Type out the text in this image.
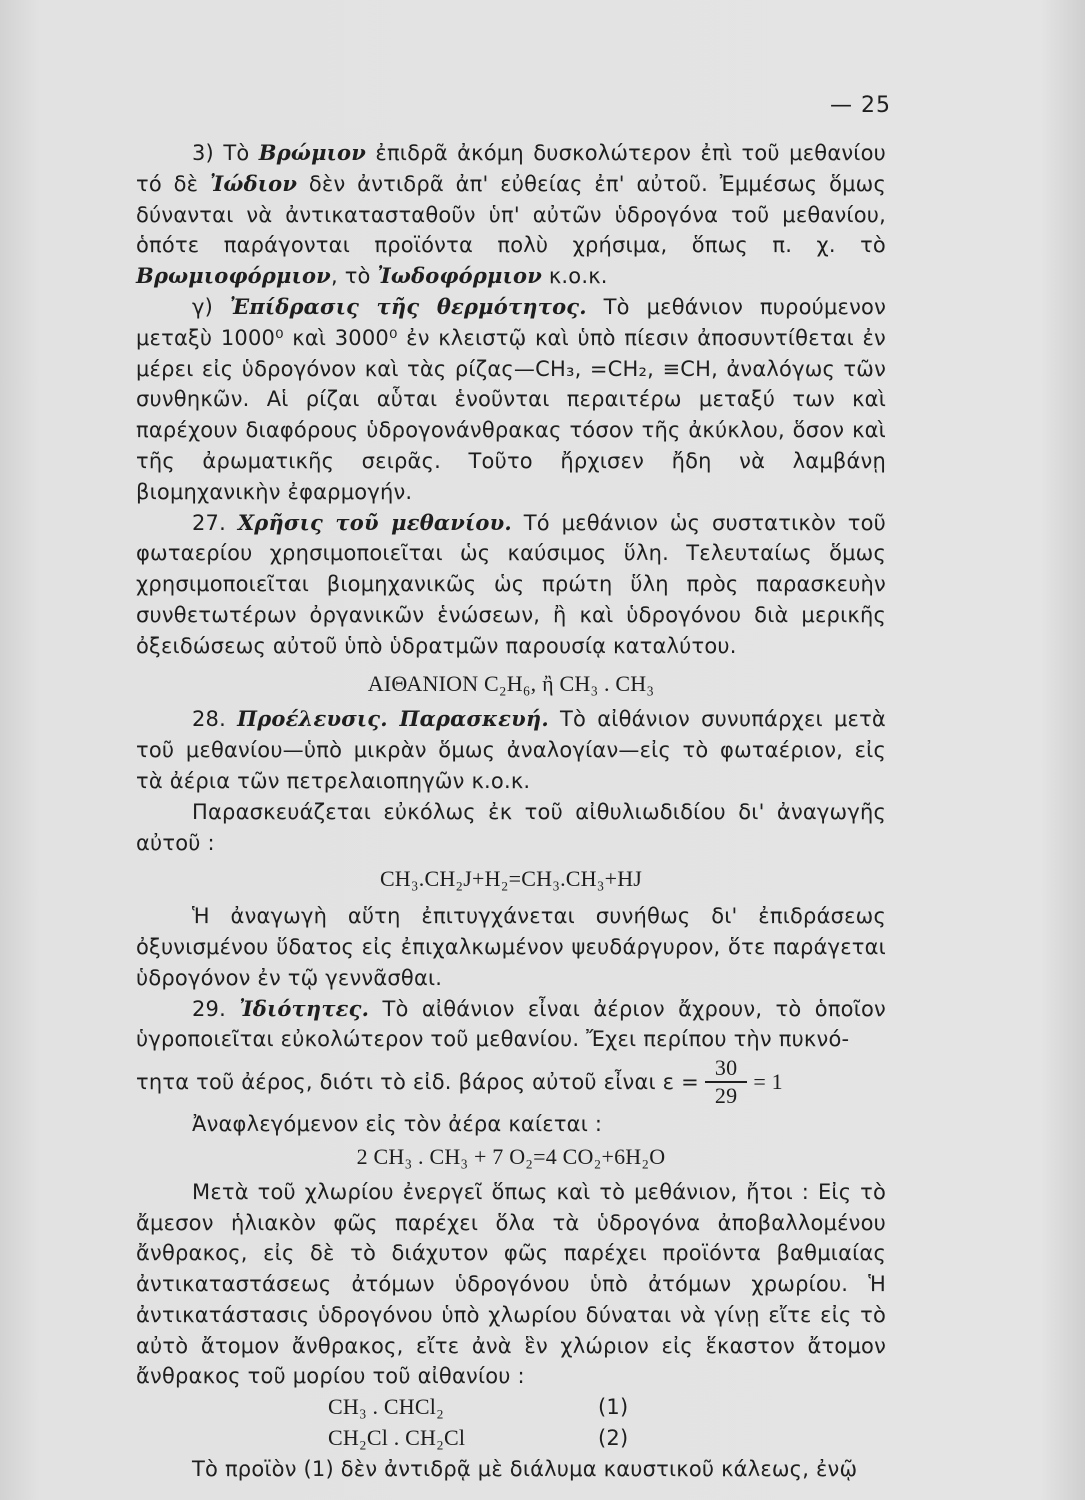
— 25

3) Τὸ Βρώμιον ἐπιδρᾶ ἀκόμη δυσκολώτερον ἐπὶ τοῦ μεθανίου τό δὲ Ἰώδιον δὲν ἀντιδρᾶ ἀπ' εὐθείας ἐπ' αὐτοῦ. Ἐμμέσως ὅμως δύνανται νὰ ἀντικατασταθοῦν ὑπ' αὐτῶν ὑδρογόνα τοῦ μεθανίου, ὁπότε παράγονται προϊόντα πολὺ χρήσιμα, ὅπως π. χ. τὸ Βρωμιοφόρμιον, τὸ Ἰωδοφόρμιον κ.ο.κ.

γ) Ἐπίδρασις τῆς θερμότητος. Τὸ μεθάνιον πυρούμενον μεταξὺ 1000⁰ καὶ 3000⁰ ἐν κλειστῷ καὶ ὑπὸ πίεσιν ἀποσυντίθεται ἐν μέρει εἰς ὑδρογόνον καὶ τὰς ρίζας—CH₃, =CH₂, ≡CH, ἀναλόγως τῶν συνθηκῶν. Αἱ ρίζαι αὗται ἑνοῦνται περαιτέρω μεταξύ των καὶ παρέχουν διαφόρους ὑδρογονάνθρακας τόσον τῆς ἀκύκλου, ὅσον καὶ τῆς ἀρωματικῆς σειρᾶς. Τοῦτο ἤρχισεν ἤδη νὰ λαμβάνῃ βιομηχανικὴν ἐφαρμογήν.

27. Χρῆσις τοῦ μεθανίου. Τό μεθάνιον ὡς συστατικὸν τοῦ φωταερίου χρησιμοποιεῖται ὡς καύσιμος ὕλη. Τελευταίως ὅμως χρησιμοποιεῖται βιομηχανικῶς ὡς πρώτη ὕλη πρὸς παρασκευὴν συνθετωτέρων ὀργανικῶν ἑνώσεων, ἢ καὶ ὑδρογόνου διὰ μερικῆς ὀξειδώσεως αὐτοῦ ὑπὸ ὑδρατμῶν παρουσίᾳ καταλύτου.

ΑΙΘΑΝΙΟΝ C₂H₆, ἢ CH₃ . CH₃

28. Προέλευσις. Παρασκευή. Τὸ αἰθάνιον συνυπάρχει μετὰ τοῦ μεθανίου—ὑπὸ μικρὰν ὅμως ἀναλογίαν—εἰς τὸ φωταέριον, εἰς τὰ ἀέρια τῶν πετρελαιοπηγῶν κ.ο.κ.

Παρασκευάζεται εὐκόλως ἐκ τοῦ αἰθυλιωδιδίου δι' ἀναγωγῆς αὐτοῦ :

CH₃.CH₂J+H₂=CH₃.CH₃+HJ

Ἡ ἀναγωγὴ αὕτη ἐπιτυγχάνεται συνήθως δι' ἐπιδράσεως ὀξυνισμένου ὕδατος εἰς ἐπιχαλκωμένον ψευδάργυρον, ὅτε παράγεται ὑδρογόνον ἐν τῷ γεννᾶσθαι.

29. Ἰδιότητες. Τὸ αἰθάνιον εἶναι ἀέριον ἄχρουν, τὸ ὁποῖον ὑγροποιεῖται εὐκολώτερον τοῦ μεθανίου. Ἔχει περίπου τὴν πυκνό-

τητα τοῦ ἀέρος, διότι τὸ εἰδ. βάρος αὐτοῦ εἶναι $\varepsilon = \frac{30}{29} = 1$

Ἀναφλεγόμενον εἰς τὸν ἀέρα καίεται :

2 CH₃ . CH₃ + 7 O₂=4 CO₂+6H₂O

Μετὰ τοῦ χλωρίου ἐνεργεῖ ὅπως καὶ τὸ μεθάνιον, ἤτοι : Εἰς τὸ ἄμεσον ἡλιακὸν φῶς παρέχει ὅλα τὰ ὑδρογόνα ἀποβαλλομένου ἄνθρακος, εἰς δὲ τὸ διάχυτον φῶς παρέχει προϊόντα βαθμιαίας ἀντικαταστάσεως ἀτόμων ὑδρογόνου ὑπὸ ἀτόμων χρωρίου. Ἡ ἀντικατάστασις ὑδρογόνου ὑπὸ χλωρίου δύναται νὰ γίνῃ εἴτε εἰς τὸ αὐτὸ ἄτομον ἄνθρακος, εἴτε ἀνὰ ἓν χλώριον εἰς ἕκαστον ἄτομον ἄνθρακος τοῦ μορίου τοῦ αἰθανίου :

CH₃ . CHCl₂	(1)
CH₂Cl . CH₂Cl	(2)

Τὸ προϊὸν (1) δὲν ἀντιδρᾷ μὲ διάλυμα καυστικοῦ κάλεως, ἐνῷ
